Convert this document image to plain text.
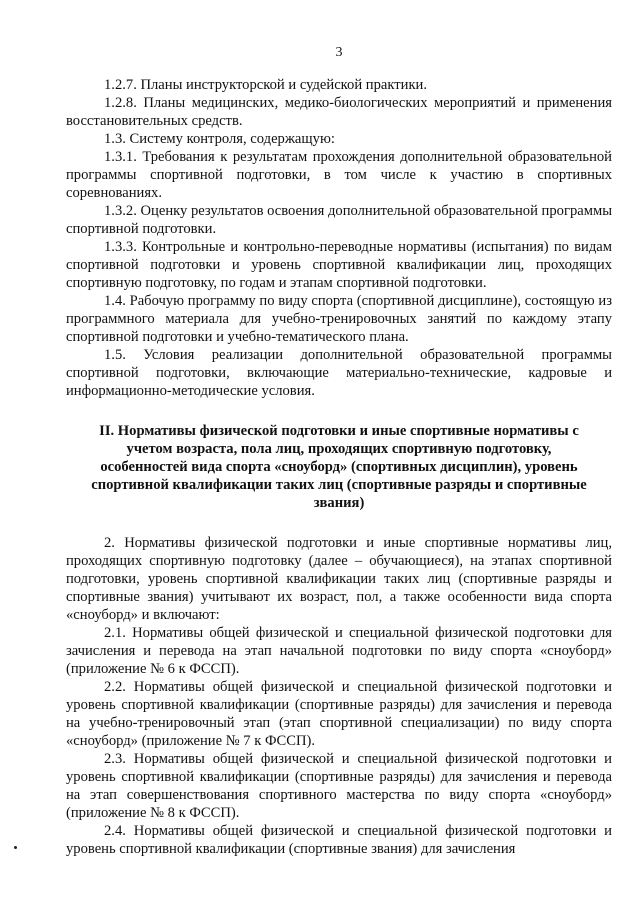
3

1.2.7. Планы инструкторской и судейской практики.

1.2.8. Планы медицинских, медико-биологических мероприятий и применения восстановительных средств.

1.3. Систему контроля, содержащую:

1.3.1. Требования к результатам прохождения дополнительной образовательной программы спортивной подготовки, в том числе к участию в спортивных соревнованиях.

1.3.2. Оценку результатов освоения дополнительной образовательной программы спортивной подготовки.

1.3.3. Контрольные и контрольно-переводные нормативы (испытания) по видам спортивной подготовки и уровень спортивной квалификации лиц, проходящих спортивную подготовку, по годам и этапам спортивной подготовки.

1.4. Рабочую программу по виду спорта (спортивной дисциплине), состоящую из программного материала для учебно-тренировочных занятий по каждому этапу спортивной подготовки и учебно-тематического плана.

1.5. Условия реализации дополнительной образовательной программы спортивной подготовки, включающие материально-технические, кадровые и информационно-методические условия.

II. Нормативы физической подготовки и иные спортивные нормативы с учетом возраста, пола лиц, проходящих спортивную подготовку, особенностей вида спорта «сноуборд» (спортивных дисциплин), уровень спортивной квалификации таких лиц (спортивные разряды и спортивные звания)

2. Нормативы физической подготовки и иные спортивные нормативы лиц, проходящих спортивную подготовку (далее – обучающиеся), на этапах спортивной подготовки, уровень спортивной квалификации таких лиц (спортивные разряды и спортивные звания) учитывают их возраст, пол, а также особенности вида спорта «сноуборд» и включают:

2.1. Нормативы общей физической и специальной физической подготовки для зачисления и перевода на этап начальной подготовки по виду спорта «сноуборд» (приложение № 6 к ФССП).

2.2. Нормативы общей физической и специальной физической подготовки и уровень спортивной квалификации (спортивные разряды) для зачисления и перевода на учебно-тренировочный этап (этап спортивной специализации) по виду спорта «сноуборд» (приложение № 7 к ФССП).

2.3. Нормативы общей физической и специальной физической подготовки и уровень спортивной квалификации (спортивные разряды) для зачисления и перевода на этап совершенствования спортивного мастерства по виду спорта «сноуборд» (приложение № 8 к ФССП).

2.4. Нормативы общей физической и специальной физической подготовки и уровень спортивной квалификации (спортивные звания) для зачисления
